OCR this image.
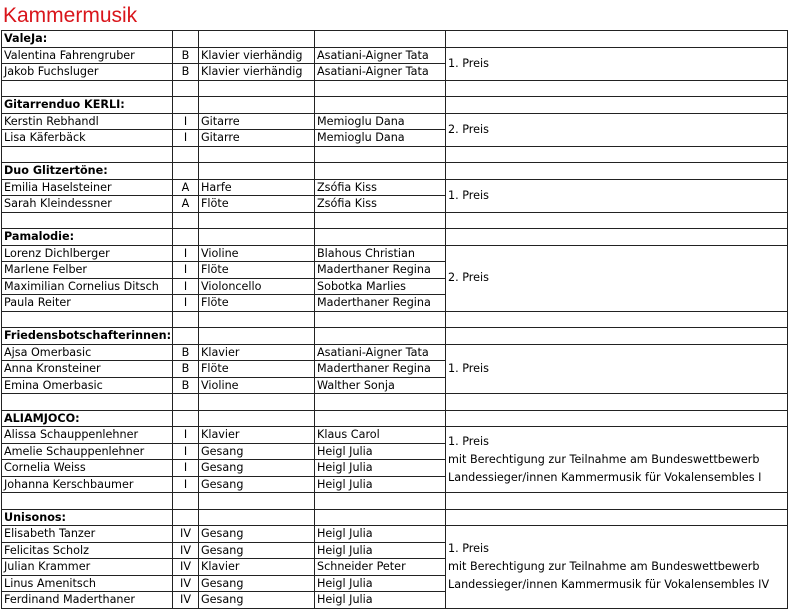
Kammermusik
ValeJa:				
Valentina Fahrengruber	B	Klavier vierhändig	Asatiani-Aigner Tata	1. Preis
Jakob Fuchsluger	B	Klavier vierhändig	Asatiani-Aigner Tata	

Gitarrenduo KERLI:				
Kerstin Rebhandl	I	Gitarre	Memioglu Dana	2. Preis
Lisa Käferbäck	I	Gitarre	Memioglu Dana	

Duo Glitzertöne:				
Emilia Haselsteiner	A	Harfe	Zsófia Kiss	1. Preis
Sarah Kleindessner	A	Flöte	Zsófia Kiss	

Pamalodie:				
Lorenz Dichlberger	I	Violine	Blahous Christian	2. Preis
Marlene Felber	I	Flöte	Maderthaner Regina	
Maximilian Cornelius Ditsch	I	Violoncello	Sobotka Marlies	
Paula Reiter	I	Flöte	Maderthaner Regina	

Friedensbotschafterinnen:				
Ajsa Omerbasic	B	Klavier	Asatiani-Aigner Tata	1. Preis
Anna Kronsteiner	B	Flöte	Maderthaner Regina	
Emina Omerbasic	B	Violine	Walther Sonja	

ALIAMJOCO:				
Alissa Schauppenlehner	I	Klavier	Klaus Carol	1. Preis
mit Berechtigung zur Teilnahme am Bundeswettbewerb
Landessieger/innen Kammermusik für Vokalensembles I
Amelie Schauppenlehner	I	Gesang	Heigl Julia	
Cornelia Weiss	I	Gesang	Heigl Julia	
Johanna Kerschbaumer	I	Gesang	Heigl Julia	

Unisonos:				
Elisabeth Tanzer	IV	Gesang	Heigl Julia	1. Preis
mit Berechtigung zur Teilnahme am Bundeswettbewerb
Landessieger/innen Kammermusik für Vokalensembles IV
Felicitas Scholz	IV	Gesang	Heigl Julia	
Julian Krammer	IV	Klavier	Schneider Peter	
Linus Amenitsch	IV	Gesang	Heigl Julia	
Ferdinand Maderthaner	IV	Gesang	Heigl Julia	
